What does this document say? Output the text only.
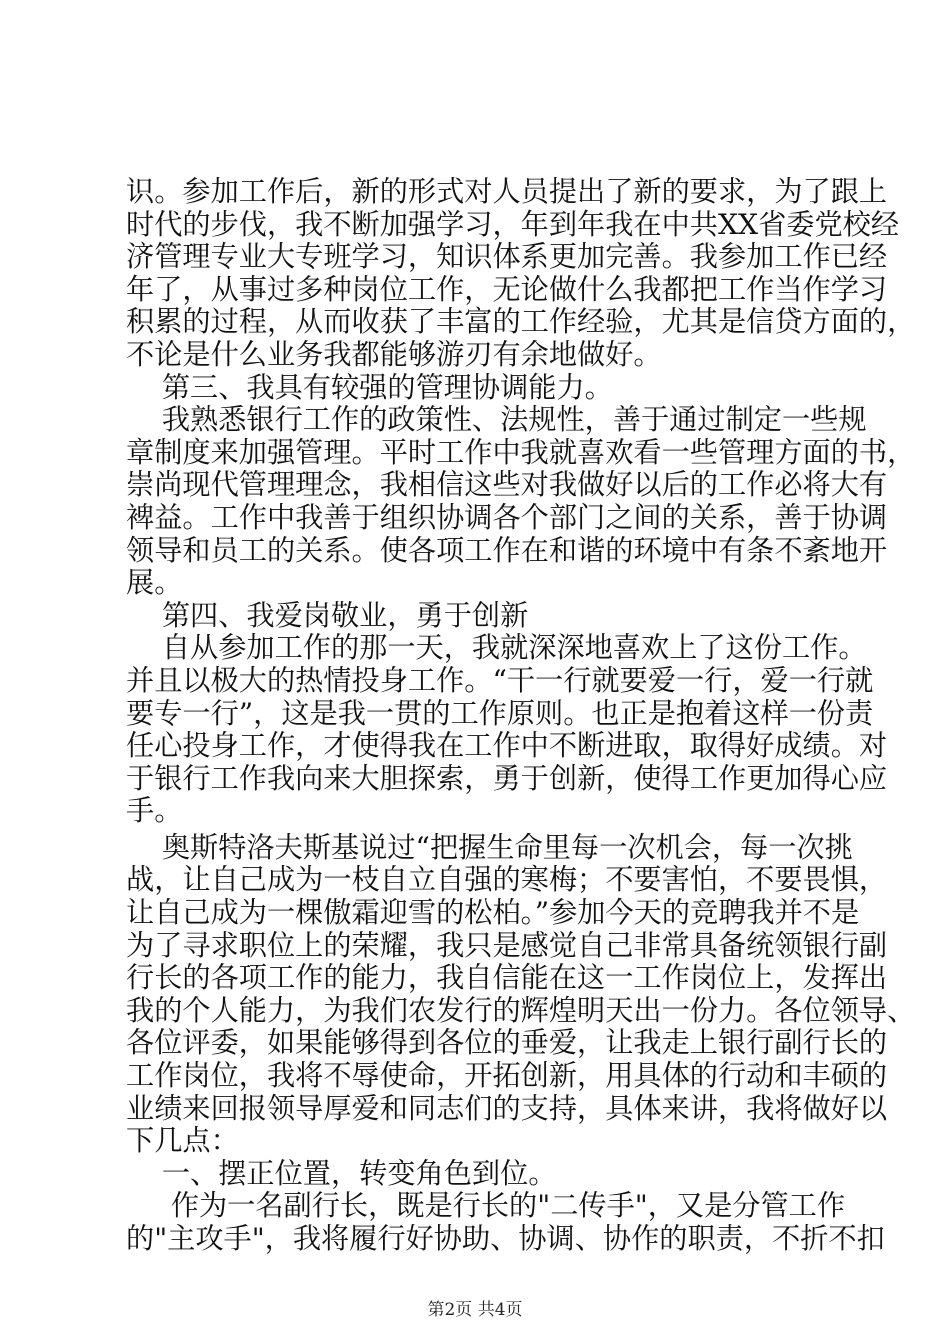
识。参加工作后，新的形式对人员提出了新的要求，为了跟上
时代的步伐，我不断加强学习，年到年我在中共XX省委党校经
济管理专业大专班学习，知识体系更加完善。我参加工作已经
年了，从事过多种岗位工作，无论做什么我都把工作当作学习
积累的过程，从而收获了丰富的工作经验，尤其是信贷方面的，
不论是什么业务我都能够游刃有余地做好。
第三、我具有较强的管理协调能力。
我熟悉银行工作的政策性、法规性，善于通过制定一些规
章制度来加强管理。平时工作中我就喜欢看一些管理方面的书，
崇尚现代管理理念，我相信这些对我做好以后的工作必将大有
裨益。工作中我善于组织协调各个部门之间的关系，善于协调
领导和员工的关系。使各项工作在和谐的环境中有条不紊地开
展。
第四、我爱岗敬业，勇于创新
自从参加工作的那一天，我就深深地喜欢上了这份工作。
并且以极大的热情投身工作。“干一行就要爱一行，爱一行就
要专一行”，这是我一贯的工作原则。也正是抱着这样一份责
任心投身工作，才使得我在工作中不断进取，取得好成绩。对
于银行工作我向来大胆探索，勇于创新，使得工作更加得心应
手。
奥斯特洛夫斯基说过“把握生命里每一次机会，每一次挑
战，让自己成为一枝自立自强的寒梅；不要害怕，不要畏惧，
让自己成为一棵傲霜迎雪的松柏。”参加今天的竞聘我并不是
为了寻求职位上的荣耀，我只是感觉自己非常具备统领银行副
行长的各项工作的能力，我自信能在这一工作岗位上，发挥出
我的个人能力，为我们农发行的辉煌明天出一份力。各位领导、
各位评委，如果能够得到各位的垂爱，让我走上银行副行长的
工作岗位，我将不辱使命，开拓创新，用具体的行动和丰硕的
业绩来回报领导厚爱和同志们的支持，具体来讲，我将做好以
下几点：
一、摆正位置，转变角色到位。
作为一名副行长，既是行长的"二传手"，又是分管工作
的"主攻手"，我将履行好协助、协调、协作的职责，不折不扣
第2页 共4页
